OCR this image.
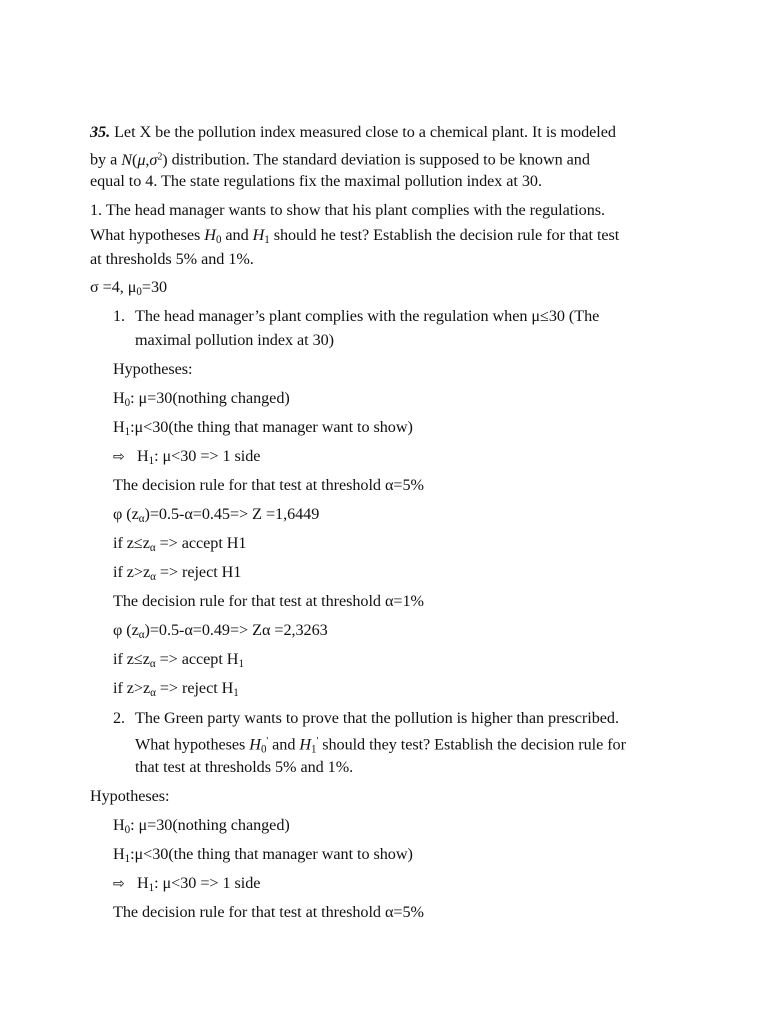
35. Let X be the pollution index measured close to a chemical plant. It is modeled
by a $N(\mu,\sigma^2)$ distribution. The standard deviation is supposed to be known and
equal to 4. The state regulations fix the maximal pollution index at 30.
1. The head manager wants to show that his plant complies with the regulations.
What hypotheses $H_0$ and $H_1$ should he test? Establish the decision rule for that test
at thresholds 5% and 1%.
σ =4, $\mu_0=30$
1. The head manager’s plant complies with the regulation when μ≤30 (The
maximal pollution index at 30)
Hypotheses:
$H_0$: μ=30(nothing changed)
$H_1:\mu<30(the$ thing that manager want to show)
⇨ $H_1$: μ<30 => 1 side
The decision rule for that test at threshold α=5%
φ $(z_\alpha)=0.5-\alpha=0.45=> Z =1,6449$
if $z\le z_\alpha$ => accept H1
if $z>z_\alpha$ => reject H1
The decision rule for that test at threshold α=1%
φ $(z_\alpha)=0.5-\alpha=0.49=> Z\alpha =2,3263$
if $z\le z_\alpha$ => accept $H_1$
if $z>z_\alpha$ => reject $H_1$
2. The Green party wants to prove that the pollution is higher than prescribed.
What hypotheses $H_0'$ and $H_1'$ should they test? Establish the decision rule for
that test at thresholds 5% and 1%.
Hypotheses:
$H_0$: μ=30(nothing changed)
$H_1:\mu<30(the$ thing that manager want to show)
⇨ $H_1$: μ<30 => 1 side
The decision rule for that test at threshold α=5%
